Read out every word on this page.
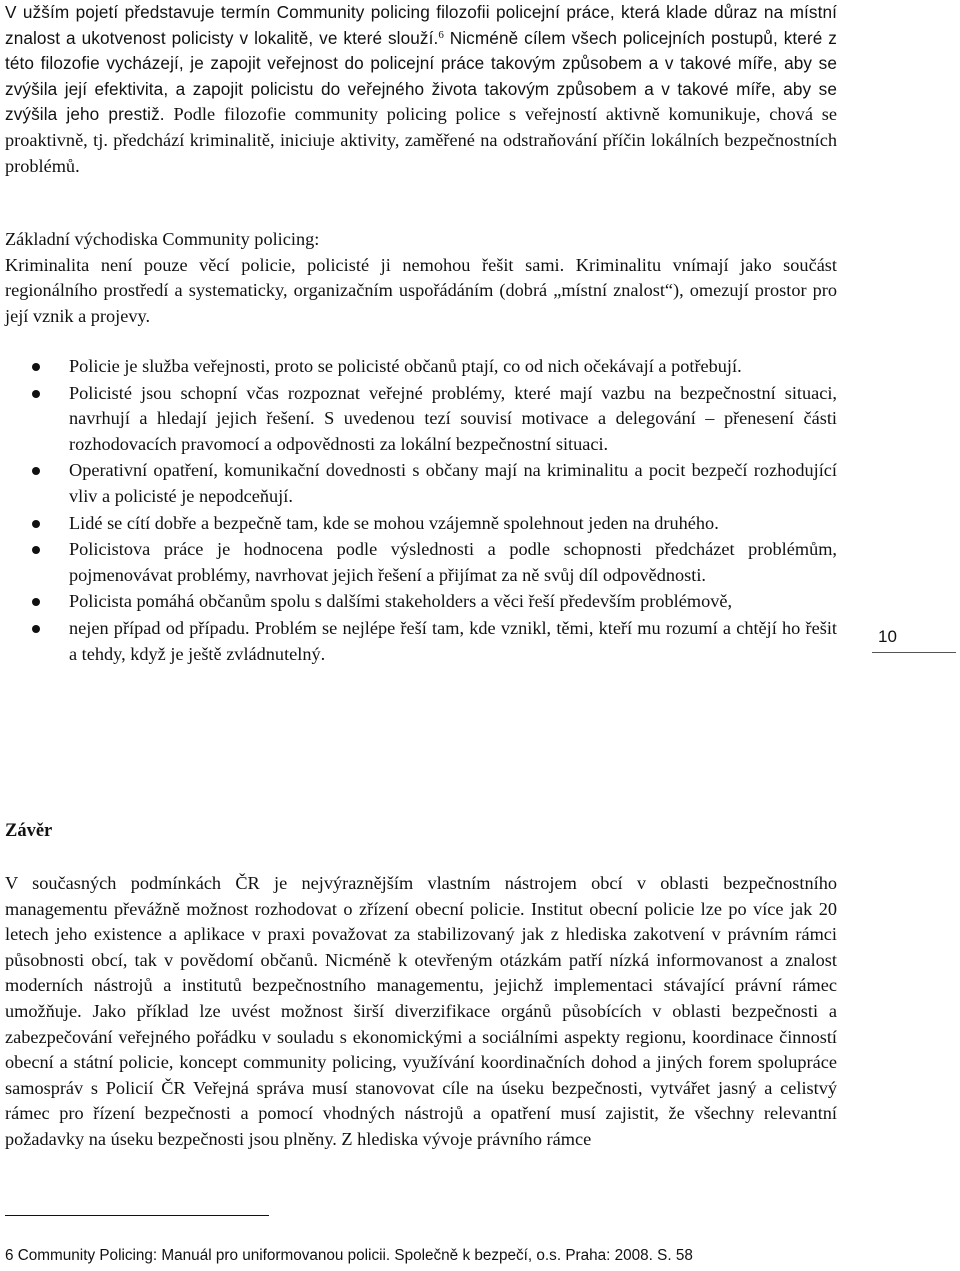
V užším pojetí představuje termín Community policing filozofii policejní práce, která klade důraz na místní znalost a ukotvenost policisty v lokalitě, ve které slouží.$^6$ Nicméně cílem všech policejních postupů, které z této filozofie vycházejí, je zapojit veřejnost do policejní práce takovým způsobem a v takové míře, aby se zvýšila její efektivita, a zapojit policistu do veřejného života takovým způsobem a v takové míře, aby se zvýšila jeho prestiž. Podle filozofie community policing police s veřejností aktivně komunikuje, chová se proaktivně, tj. předchází kriminalitě, iniciuje aktivity, zaměřené na odstraňování příčin lokálních bezpečnostních problémů.

Základní východiska Community policing:

Kriminalita není pouze věcí policie, policisté ji nemohou řešit sami. Kriminalitu vnímají jako součást regionálního prostředí a systematicky, organizačním uspořádáním (dobrá „místní znalost“), omezují prostor pro její vznik a projevy.

Policie je služba veřejnosti, proto se policisté občanů ptají, co od nich očekávají a potřebují.
Policisté jsou schopní včas rozpoznat veřejné problémy, které mají vazbu na bezpečnostní situaci, navrhují a hledají jejich řešení. S uvedenou tezí souvisí motivace a delegování – přenesení části rozhodovacích pravomocí a odpovědnosti za lokální bezpečnostní situaci.
Operativní opatření, komunikační dovednosti s občany mají na kriminalitu a pocit bezpečí rozhodující vliv a policisté je nepodceňují.
Lidé se cítí dobře a bezpečně tam, kde se mohou vzájemně spolehnout jeden na druhého.
Policistova práce je hodnocena podle výslednosti a podle schopnosti předcházet problémům, pojmenovávat problémy, navrhovat jejich řešení a přijímat za ně svůj díl odpovědnosti.
Policista pomáhá občanům spolu s dalšími stakeholders a věci řeší především problémově,
nejen případ od případu. Problém se nejlépe řeší tam, kde vznikl, těmi, kteří mu rozumí a chtějí ho řešit a tehdy, když je ještě zvládnutelný.
Závěr

V současných podmínkách ČR je nejvýraznějším vlastním nástrojem obcí v oblasti bezpečnostního managementu převážně možnost rozhodovat o zřízení obecní policie. Institut obecní policie lze po více jak 20 letech jeho existence a aplikace v praxi považovat za stabilizovaný jak z hlediska zakotvení v právním rámci působnosti obcí, tak v povědomí občanů. Nicméně k otevřeným otázkám patří nízká informovanost a znalost moderních nástrojů a institutů bezpečnostního managementu, jejichž implementaci stávající právní rámec umožňuje. Jako příklad lze uvést možnost širší diverzifikace orgánů působících v oblasti bezpečnosti a zabezpečování veřejného pořádku v souladu s ekonomickými a sociálními aspekty regionu, koordinace činností obecní a státní policie, koncept community policing, využívání koordinačních dohod a jiných forem spolupráce samospráv s Policií ČR Veřejná správa musí stanovovat cíle na úseku bezpečnosti, vytvářet jasný a celistvý rámec pro řízení bezpečnosti a pomocí vhodných nástrojů a opatření musí zajistit, že všechny relevantní požadavky na úseku bezpečnosti jsou plněny. Z hlediska vývoje právního rámce

10
6 Community Policing: Manuál pro uniformovanou policii. Společně k bezpečí, o.s. Praha: 2008. S. 58
